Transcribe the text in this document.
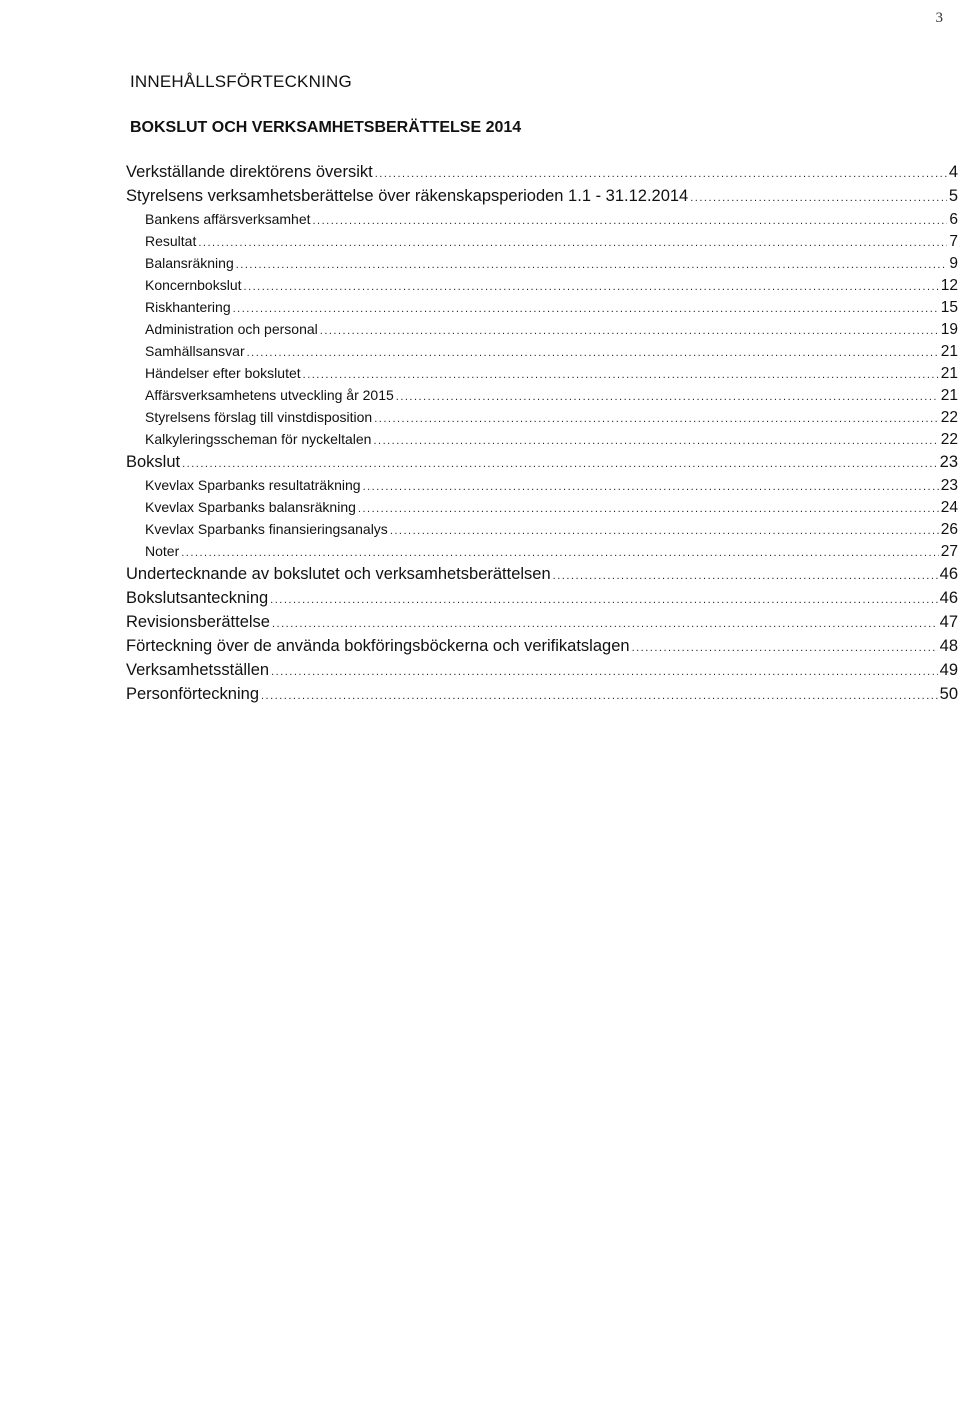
3
INNEHÅLLSFÖRTECKNING
BOKSLUT OCH VERKSAMHETSBERÄTTELSE 2014
Verkställande direktörens översikt .....	4
Styrelsens verksamhetsberättelse över räkenskapsperioden 1.1 - 31.12.2014 .....	5
Bankens affärsverksamhet .....	6
Resultat .....	7
Balansräkning .....	9
Koncernbokslut .....	12
Riskhantering .....	15
Administration och personal .....	19
Samhällsansvar .....	21
Händelser efter bokslutet .....	21
Affärsverksamhetens utveckling år 2015 .....	21
Styrelsens förslag till vinstdisposition .....	22
Kalkyleringsscheman för nyckeltalen .....	22
Bokslut .....	23
Kvevlax Sparbanks resultaträkning .....	23
Kvevlax Sparbanks balansräkning .....	24
Kvevlax Sparbanks finansieringsanalys .....	26
Noter .....	27
Undertecknande av bokslutet och verksamhetsberättelsen .....	46
Bokslutsanteckning .....	46
Revisionsberättelse .....	47
Förteckning över de använda bokföringsböckerna och verifikatslagen .....	48
Verksamhetsställen .....	49
Personförteckning .....	50
